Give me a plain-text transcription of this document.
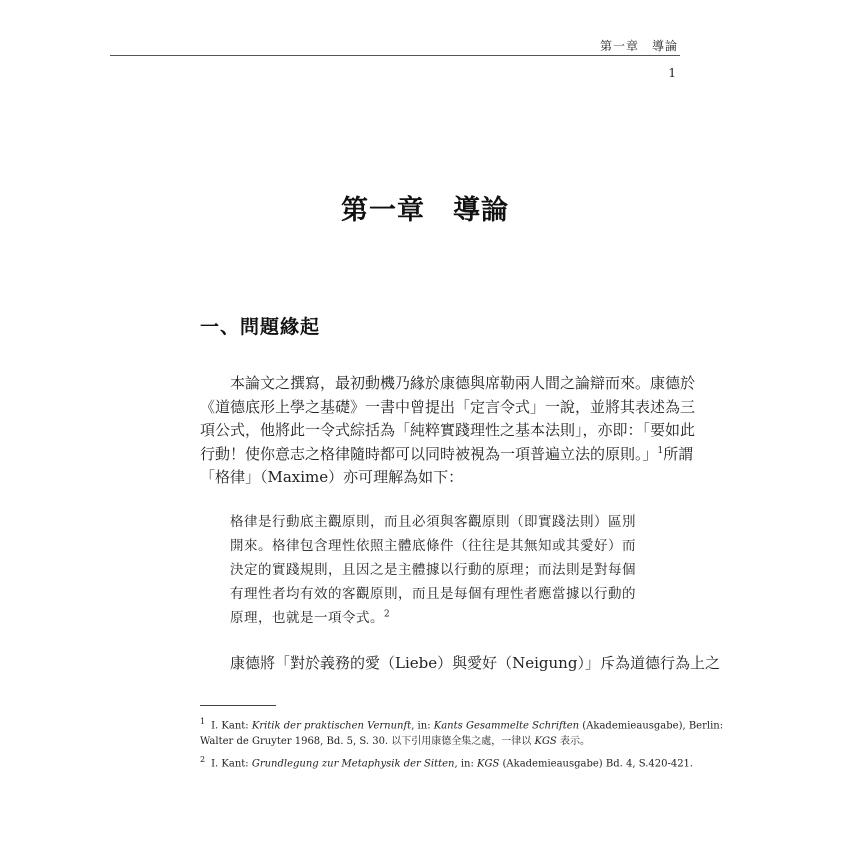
第一章　導論
1
第一章　導論
一、問題緣起
本論文之撰寫，最初動機乃緣於康德與席勒兩人間之論辯而來。康德於
《道德底形上學之基礎》一書中曾提出「定言令式」一說，並將其表述為三
項公式，他將此一令式綜括為「純粹實踐理性之基本法則」，亦即：「要如此
行動！使你意志之格律隨時都可以同時被視為一項普遍立法的原則。」$^1$所謂
「格律」（Maxime）亦可理解為如下：
格律是行動底主觀原則，而且必須與客觀原則（即實踐法則）區別
開來。格律包含理性依照主體底條件（往往是其無知或其愛好）而
決定的實踐規則，且因之是主體據以行動的原理；而法則是對每個
有理性者均有效的客觀原則，而且是每個有理性者應當據以行動的
原理，也就是一項令式。$^2$
康德將「對於義務的愛（Liebe）與愛好（Neigung）」斥為道德行為上之
$^1$ I. Kant: Kritik der praktischen Vernunft, in: Kants Gesammelte Schriften (Akademieausgabe), Berlin:
Walter de Gruyter 1968, Bd. 5, S. 30. 以下引用康德全集之處，一律以 KGS 表示。
$^2$ I. Kant: Grundlegung zur Metaphysik der Sitten, in: KGS (Akademieausgabe) Bd. 4, S.420-421.
